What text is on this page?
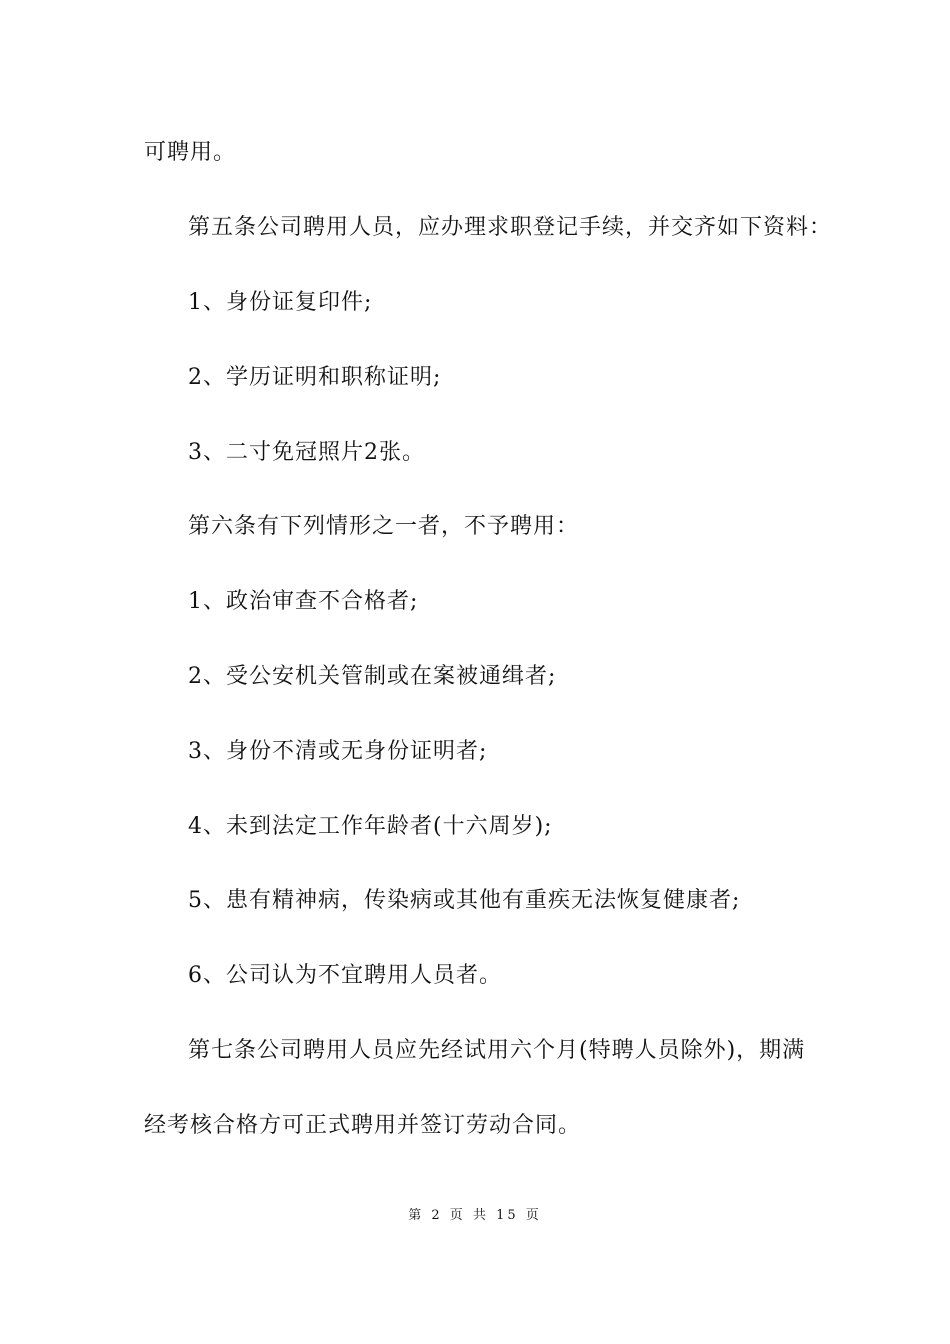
可聘用。
第五条公司聘用人员，应办理求职登记手续，并交齐如下资料：
1、身份证复印件;
2、学历证明和职称证明;
3、二寸免冠照片2张。
第六条有下列情形之一者，不予聘用：
1、政治审查不合格者;
2、受公安机关管制或在案被通缉者;
3、身份不清或无身份证明者;
4、未到法定工作年龄者(十六周岁);
5、患有精神病，传染病或其他有重疾无法恢复健康者;
6、公司认为不宜聘用人员者。
第七条公司聘用人员应先经试用六个月(特聘人员除外)，期满
经考核合格方可正式聘用并签订劳动合同。
第 2 页 共 15 页
